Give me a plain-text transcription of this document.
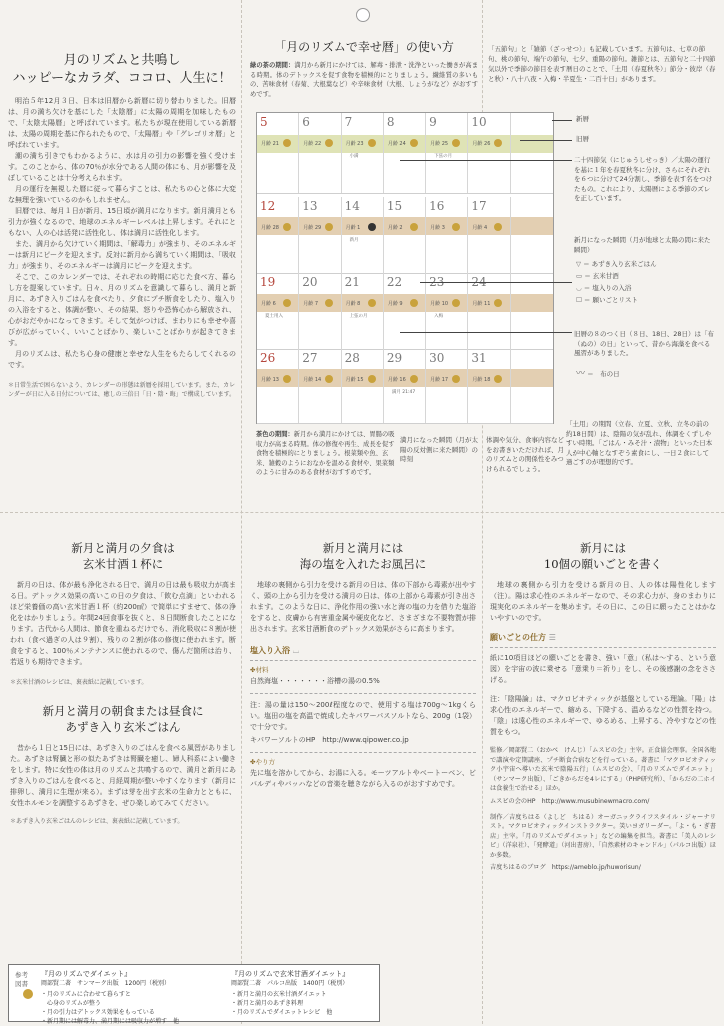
月のリズムと共鳴し
ハッピーなカラダ、ココロ、人生に！

明治５年12月３日、日本は旧暦から新暦に切り替わりました。旧暦は、月の満ち欠けを基にした「太陰暦」に太陽の周期を加味したもので、「太陰太陽暦」と呼ばれています。私たちが現在使用している新暦は、太陽の周期を基に作られたもので、「太陽暦」や「グレゴリオ暦」と呼ばれています。

潮の満ち引きでもわかるように、水は月の引力の影響を強く受けます。このことから、体の70％が水分である人間の体にも、月が影響を及ぼしていることは十分考えられます。

月の運行を無視した暦に従って暮らすことは、私たちの心と体に大変な無理を強いているのかもしれません。

旧暦では、毎月１日が新月、15日頃が満月になります。新月満月とも引力が強くなるので、地球のエネルギーレベルは上昇します。それにともない、人の心は活発に活性化し、体は満月に活性化します。

また、満月から欠けていく期間は、「解毒力」が強まり、そのエネルギーは新月にピークを迎えます。反対に新月から満ちていく期間は、「吸収力」が強まり、そのエネルギーは満月にピークを迎えます。

そこで、このカレンダーでは、それぞれの時期に応じた食べ方、暮らし方を提案しています。日々、月のリズムを意識して暮らし、満月と新月に、あずき入りごはんを食べたり、夕食にプチ断食をしたり、塩入りの入浴をすると、体調が整い、その結果、怒りや恐怖心から解放され、心がおだやかになってきます。そして気がつけば、まわりにも幸せや喜びが広がっていく、いいことばかり、楽しいことばかりが起きてきます。

月のリズムは、私たち心身の健康と幸せな人生をもたらしてくれるのです。

＊日常生活で困らないよう、カレンダーの形態は新暦を採用しています。また、カレンダーが日に入る日付については、癒しの三倍日「日・陰・晦」で構成しています。

「月のリズムで幸せ暦」の使い方

緑の茶の期間：満月から新月にかけては、解毒・排泄・洗浄といった働きが高まる時期。体のデトックスを促す食物を積極的にとりましょう。繊維質の多いもの、苦味食材（春菊、大根葉など）や辛味食材（大根、しょうがなど）がおすすめです。

5
月齢 21
6
月齢 22
7
月齢 23
小満
8
月齢 24
9
月齢 25
下弦の月
10
月齢 26
12
月齢 28
13
月齢 29
14
月齢 1
新月
15
月齢 2
16
月齢 3
17
月齢 4
19
月齢 6
夏土用入
20
月齢 7
21
月齢 8
上弦の月
22
月齢 9
23
月齢 10
入梅
24
月齢 11
26
月齢 13
27
月齢 14
28
月齢 15
29
月齢 16
満月 21:47
30
月齢 17
31
月齢 18
新暦
旧暦
二十四節気（にじゅうしせっき）／太陽の運行を基に１年を春夏秋冬に分け、さらにそれぞれを６つに分けて24分割し、季節を表す名をつけたもの。これにより、太陽暦による季節のズレを正しています。
新月になった瞬間（月が地球と太陽の間に来た瞬間）
▽ ＝ あずき入り玄米ごはん
▭ ＝ 玄米甘酒
◡ ＝ 塩入りの入浴
☐ ＝ 願いごとリスト
旧暦の８のつく日（８日、18日、28日）は「布（ぬの）の日」といって、昔から海藻を食べる風習がありました。
〰 ＝　布の日
「土用」の期間（立春、立夏、立秋、立冬の前の約18日間）は、陰陽の気が乱れ、体調をくずしやすい時期。「ごはん・みそ汁・漬物」といった日本人が中心軸となすぞう素食にし、一日２食にして過ごすのが理想的です。
茶色の期間：新月から満月にかけては、胃腸の吸収力が高まる時期。体の修復や再生、成長を促す食物を積極的にとりましょう。根菜類や魚、玄米、雑穀のようにおなかを温める食材や、果菜類のように甘みのある食材がおすすめです。
満月になった瞬間（月が太陽の反対側に来た瞬間）の時刻
体調や気分、食事内容などをお書きいただければ、月のリズムとの関係性をみつけられるでしょう。
「五節句」と「雑節（ざっせつ）」も記載しています。五節句は、七草の節句、桃の節句、端午の節句、七夕、重陽の節句。雑節とは、五節句と二十四節気以外で季節の節目を表す暦日のことで、「土用（春夏秋冬）」節分・彼岸（春と秋）・八十八夜・入梅・半夏生・二百十日」があります。
新月と満月の夕食は
玄米甘酒１杯に

新月の日は、体が最も浄化される日で、満月の日は最も吸収力が高まる日。デトックス効果の高いこの日の夕食は、「飲む点滴」といわれるほど栄養価の高い玄米甘酒１杯（約200㎖）で简単にすませて、体の浄化をはかりましょう。年間24回食事を抜くと、８日間断食したことになります。古代から人間は、節食を重ねるだけでも、消化吸収に８割が使われ（食べ過ぎの人は９割）、残りの２割が体の修復に使われます。断食をすると、100％メンテナンスに使われるので、傷んだ箇所は治り、若返りも期待できます。

＊玄米甘酒のレシピは、裏表紙に記載しています。

新月と満月の朝食または昼食に
あずき入り玄米ごはん

昔から１日と15日には、あずき入りのごはんを食べる風習がありました。あずきは腎臓と形の似たあずきは腎臓を癒し、婦人科系によい働きをします。特に女性の体は月のリズムと共鳴するので、満月と新月にあずき入りのごはんを食べると、月経周期が整いやすくなります（新月に排卵し、満月に生理が来る）。まずは芽を出す玄米の生命力とともに、女性ホルモンを調整するあずきを、ぜひ楽しめてみてください。

＊あずき入り玄米ごはんのレシピは、裏表紙に記載しています。

新月と満月には
海の塩を入れたお風呂に

地球の裏側から引力を受ける新月の日は、体の下部から毒素が出やすく、頭の上から引力を受ける満月の日は、体の上部から毒素が引き出されます。このような日に、浄化作用の強い水と海の塩の力を借りた塩浴をすると、皮膚から有害重金属や硬皮化など、さまざまな不要物質が排出されます。玄米甘酒断食のデトックス効果がさらに高まります。

塩入り入浴 ⌴
✤材料

自然海塩・・・・・・・浴槽の湯の0.5%

注：湯の量は150〜200ℓ程度なので、使用する塩は700g〜1kgくらい。塩田の塩を高温で焼成したキパワーパスソルトなら、200g（1袋）で十分です。

キパワーソルトのHP　http://www.qipower.co.jp

✤やり方

先に塩を溶かしてから、お湯に入る。モーツアルトやベートーベン、ビバルディやバッハなどの音楽を聴きながら入るのがおすすめです。

新月には
10個の願いごとを書く

地球の裏側から引力を受ける新月の日、人の体は陽性化します（注）。陽は求心性のエネルギーなので、その求心力が、身のまわりに現実化のエネルギーを集めます。その日に、この日に願ったことはかないやすいのです。

願いごとの仕方 ☰

紙に10項目ほどの願いごとを書き、強い「意」（私は〜する、という意図）を宇宙の波に乗せる「意乗り＝祈り」をし、その後感謝の念をささげる。

注：「陰陽論」は、マクロビオティックが基盤としている理論。「陽」は求心性のエネルギーで、縮める、下降する、温めるなどの性質を持つ。「陰」は遠心性のエネルギーで、ゆるめる、上昇する、冷やすなどの性質をもつ。

監修／岡部賢二（おかべ　けんじ）「ムスビの会」主宰。正食協会理事。全国各地で講演や定期講座、プチ断食合宿などを行っている。著書に「マクロビオティック小宇宙へ導いた玄米で陰陽五行」（ムスビの会）、「月のリズムでダイエット」（サンマーク出版）、「ごきからだを4レにする」（PHP研究所）、「からだの二ホイは食養生で治せる」ほか。

ムスビの会のHP　http://www.musubinewmacro.com/

制作／吉度ちはる（よしど　ちはる）オーガニックライフスタイル・ジャーナリスト。マクロビオティックインストラクター。笑いヨガリーダー。「よ・も・ぎ書店」主宰。「月のリズムでダイエット」などの編集を担当。著書に「美人のレシピ」（洋泉社）、「発酵道」（河出書房）、「自然素材のキャンドル」（パルコ出版）ほか多数。

吉度ちはるのブログ　https://ameblo.jp/huworisun/

参考
図書
『月のリズムでダイエット』
岡部賢二著　サンマーク出版　1200円（税別）
・月のリズムに合わせて暮らすと
　心身のリズムが整う
・月の引力はデトックス効果をもっている
・新月期には解毒力、満月期には吸収力が増す　他
『月のリズムで玄米甘酒ダイエット』
岡部賢二著　パルコ出版　1400円（税別）
・新月と満月の玄米甘酒ダイエット
・新月と満月のあずき料理
・月のリズムでダイエットレシピ　他
